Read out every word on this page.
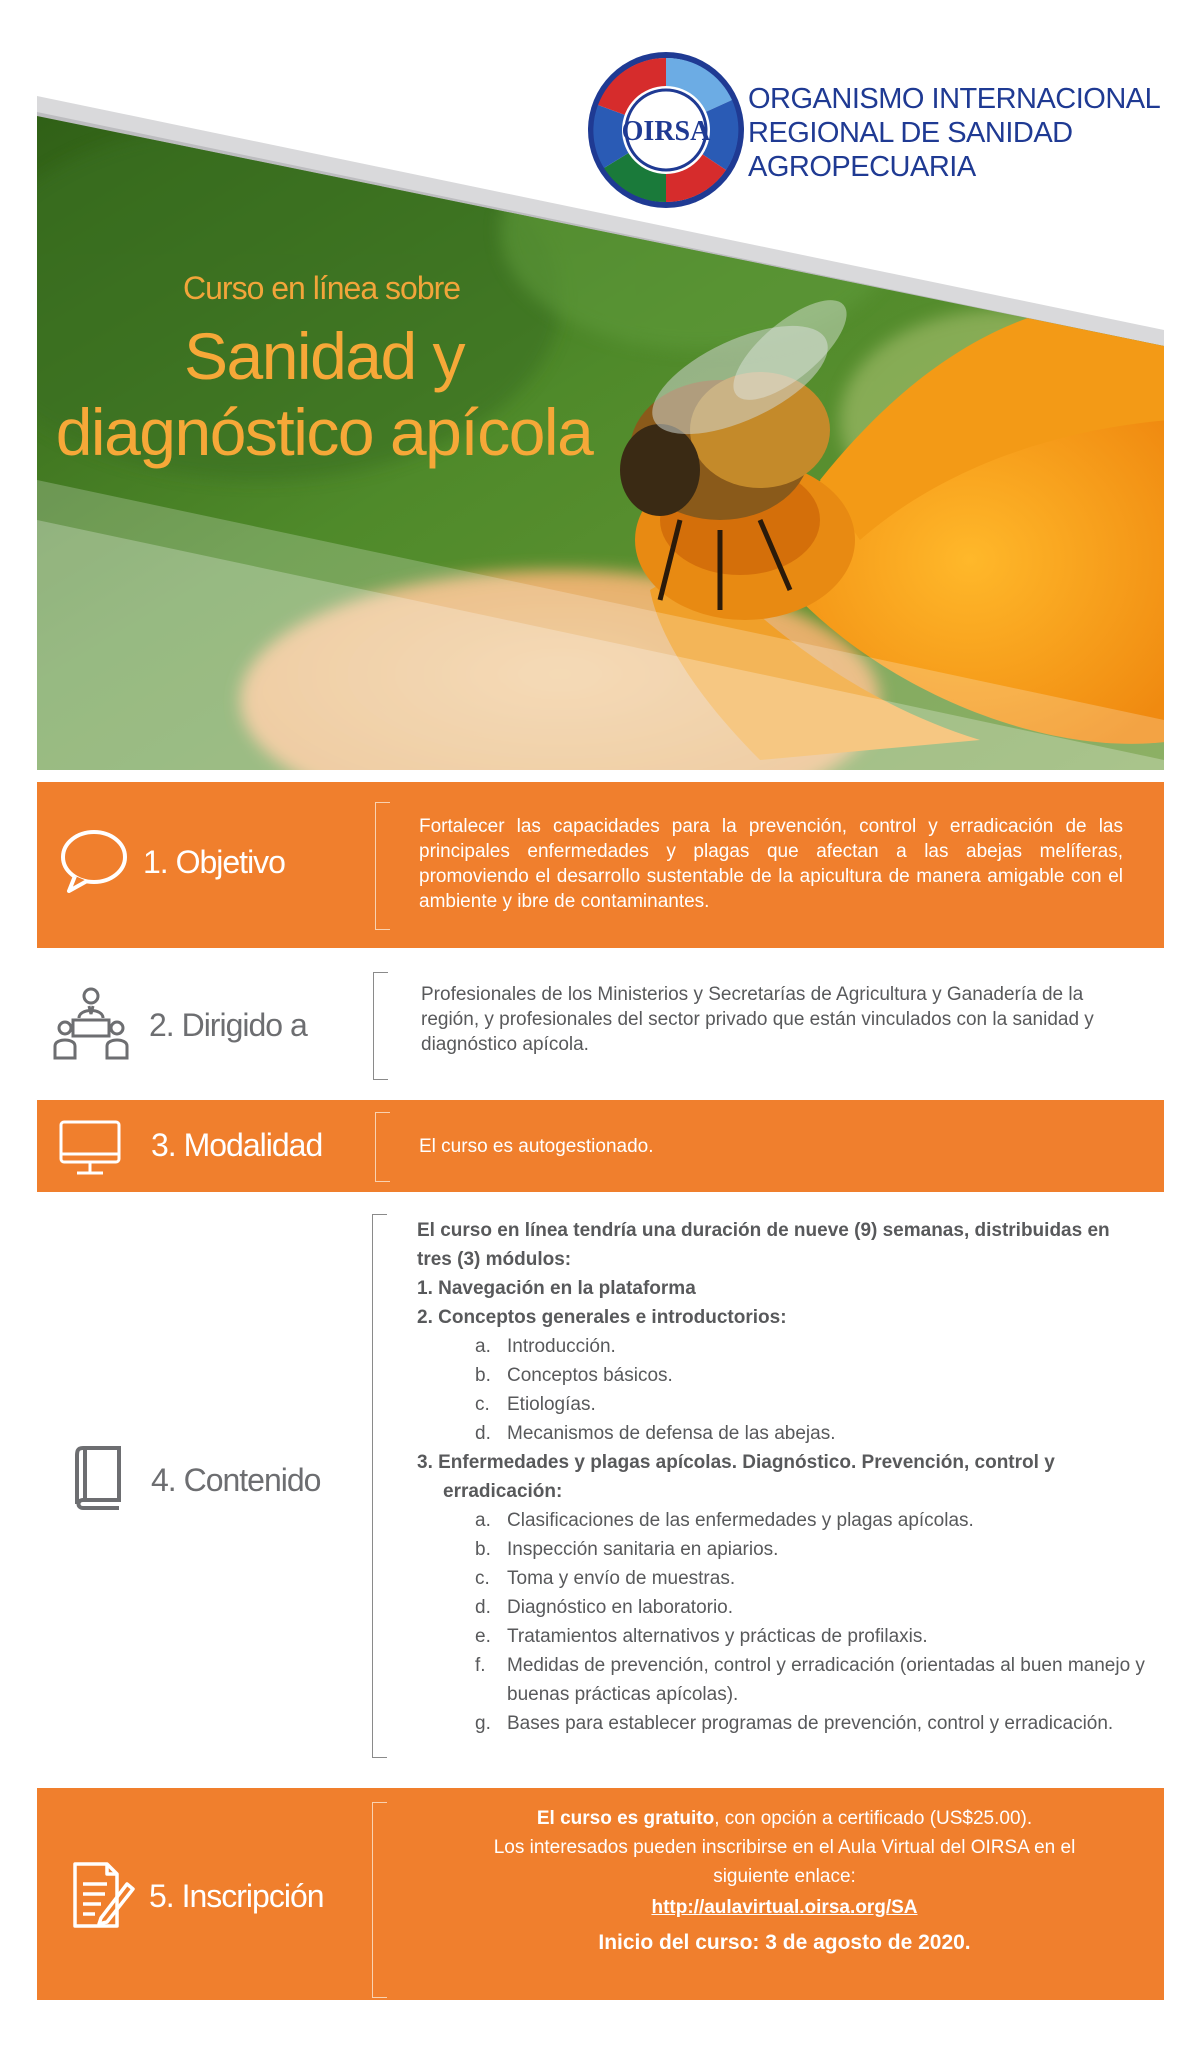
OIRSA
ORGANISMO INTERNACIONAL
REGIONAL DE SANIDAD
AGROPECUARIA
Curso en línea sobre
Sanidad y
diagnóstico apícola
1. Objetivo
Fortalecer las capacidades para la prevención, control y erradicación de las principales enfermedades y plagas que afectan a las abejas melíferas, promoviendo el desarrollo sustentable de la apicultura de manera amigable con el ambiente y ibre de contaminantes.
2. Dirigido a
Profesionales de los Ministerios y Secretarías de Agricultura y Ganadería de la región, y profesionales del sector privado que están vinculados con la sanidad y diagnóstico apícola.
3. Modalidad	El curso es autogestionado.
4. Contenido
El curso en línea tendría una duración de nueve (9) semanas, distribuidas en
tres (3) módulos:
1. Navegación en la plataforma
2. Conceptos generales e introductorios:
a. Introducción.
b. Conceptos básicos.
c. Etiologías.
d. Mecanismos de defensa de las abejas.
3. Enfermedades y plagas apícolas. Diagnóstico. Prevención, control y
erradicación:
a. Clasificaciones de las enfermedades y plagas apícolas.
b. Inspección sanitaria en apiarios.
c. Toma y envío de muestras.
d. Diagnóstico en laboratorio.
e. Tratamientos alternativos y prácticas de profilaxis.
f.	Medidas de prevención, control y erradicación (orientadas al buen manejo y buenas prácticas apícolas).
g. Bases para establecer programas de prevención, control y erradicación.
5. Inscripción
El curso es gratuito, con opción a certificado (US$25.00).
Los interesados pueden inscribirse en el Aula Virtual del OIRSA en el
siguiente enlace:
http://aulavirtual.oirsa.org/SA
Inicio del curso: 3 de agosto de 2020.
